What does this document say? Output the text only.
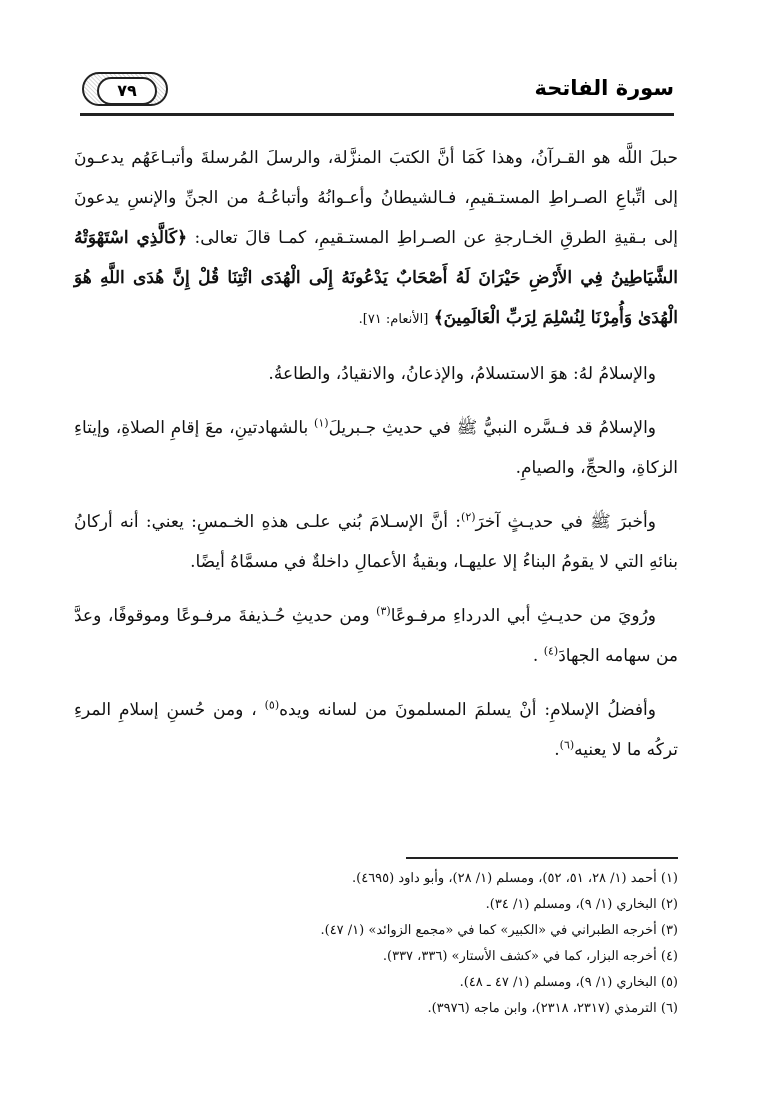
سورة الفاتحة
٧٩

حبلَ اللَّه هو القـرآنُ، وهذا كَمَا أنَّ الكتبَ المنزَّلة، والرسلَ المُرسلةَ وأتبـاعَهُم يدعـونَ إلى اتِّباعِ الصـراطِ المستـقيمِ، فـالشيطانُ وأعـوانُهُ وأتباعُـهُ من الجنِّ والإنسِ يدعونَ إلى بـقيةِ الطرقِ الخـارجةِ عن الصـراطِ المستـقيمِ، كمـا قالَ تعالى: ﴿كَالَّذِي اسْتَهْوَتْهُ الشَّيَاطِينُ فِي الأَرْضِ حَيْرَانَ لَهُ أَصْحَابٌ يَدْعُونَهُ إِلَى الْهُدَى ائْتِنَا قُلْ إِنَّ هُدَى اللَّهِ هُوَ الْهُدَىٰ وَأُمِرْنَا لِنُسْلِمَ لِرَبِّ الْعَالَمِينَ﴾ [الأنعام: ٧١].

والإسلامُ لهُ: هوَ الاستسلامُ، والإذعانُ، والانقيادُ، والطاعةُ.

والإسلامُ قد فـسَّره النبيُّ ﷺ في حديثِ جـبريلَ$^{(١)}$ بالشهادتينِ، معَ إقامِ الصلاةِ، وإيتاءِ الزكاةِ، والحجِّ، والصيامِ.

وأخبرَ ﷺ في حديـثٍ آخرَ$^{(٢)}$: أنَّ الإسـلامَ بُني علـى هذهِ الخـمسِ: يعني: أنه أركانُ بنائهِ التي لا يقومُ البناءُ إلا عليهـا، وبقيةُ الأعمالِ داخلةٌ في مسمَّاهُ أيضًا.

ورُويَ من حديـثِ أبي الدرداءِ مرفـوعًا$^{(٣)}$ ومن حديثِ حُـذيفةَ مرفـوعًا وموقوفًا، وعدَّ من سهامه الجهادَ$^{(٤)}$ .

وأفضلُ الإسلامِ: أنْ يسلمَ المسلمونَ من لسانه ويده$^{(٥)}$ ، ومن حُسنِ إسلامِ المرءِ تركُه ما لا يعنيه$^{(٦)}$.

(١) أحمد (١/ ٢٨، ٥١، ٥٢)، ومسلم (١/ ٢٨)، وأبو داود (٤٦٩٥).
(٢) البخاري (١/ ٩)، ومسلم (١/ ٣٤).
(٣) أخرجه الطبراني في «الكبير» كما في «مجمع الزوائد» (١/ ٤٧).
(٤) أخرجه البزار، كما في «كشف الأستار» (٣٣٦، ٣٣٧).
(٥) البخاري (١/ ٩)، ومسلم (١/ ٤٧ ـ ٤٨).
(٦) الترمذي (٢٣١٧، ٢٣١٨)، وابن ماجه (٣٩٧٦).
